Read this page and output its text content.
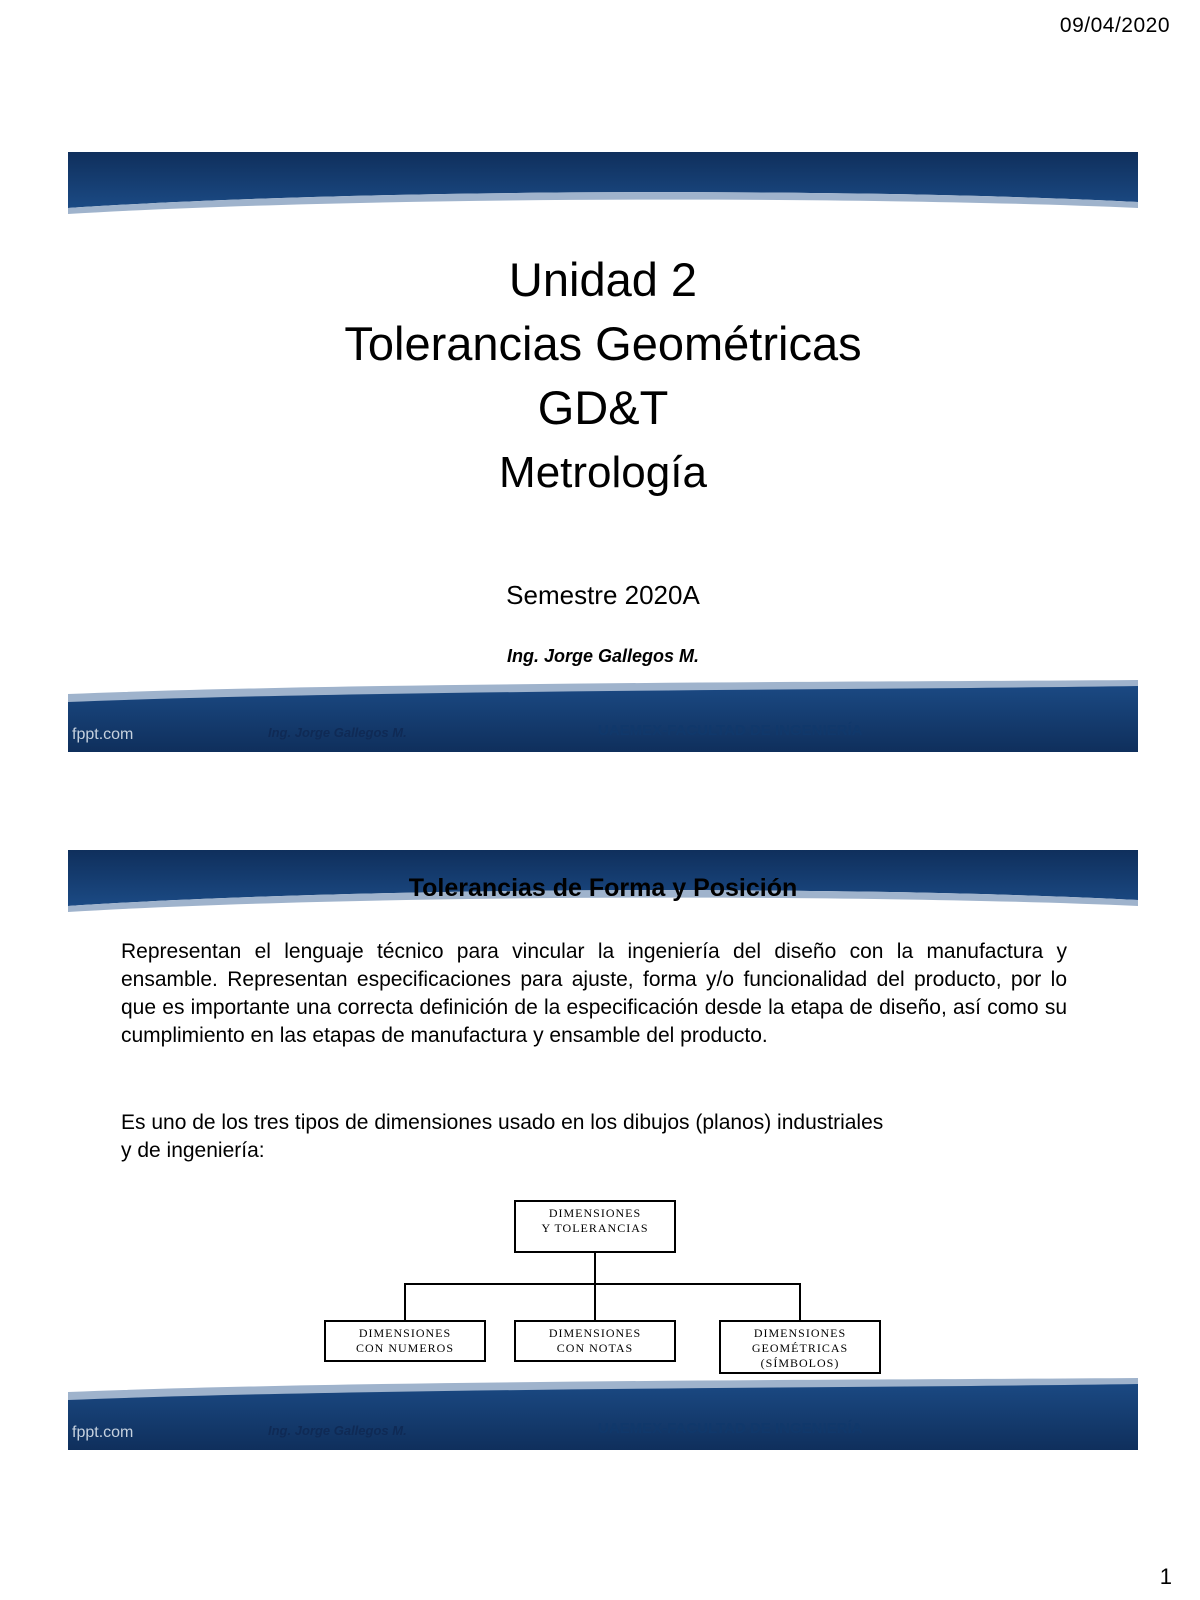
09/04/2020
Unidad 2
Tolerancias Geométricas
GD&T
Metrología
Semestre 2020A
Ing. Jorge Gallegos M.
fppt.com	Ing. Jorge Gallegos M.	UAEMEX-FACULTAD DE INGENIERÍA
Tolerancias de Forma y Posición

Representan el lenguaje técnico para vincular la ingeniería del diseño con la manufactura y ensamble. Representan especificaciones para ajuste, forma y/o funcionalidad del producto, por lo que es importante una correcta definición de la especificación desde la etapa de diseño, así como su cumplimiento en las etapas de manufactura y ensamble del producto.

Es uno de los tres tipos de dimensiones usado en los dibujos (planos) industriales
y de ingeniería:

DIMENSIONES
Y TOLERANCIAS
DIMENSIONES
CON NUMEROS
DIMENSIONES
CON NOTAS
DIMENSIONES
GEOMÉTRICAS
(SÍMBOLOS)
fppt.com	Ing. Jorge Gallegos M.	UAEMEX-FACULTAD DE INGENIERÍA
1
